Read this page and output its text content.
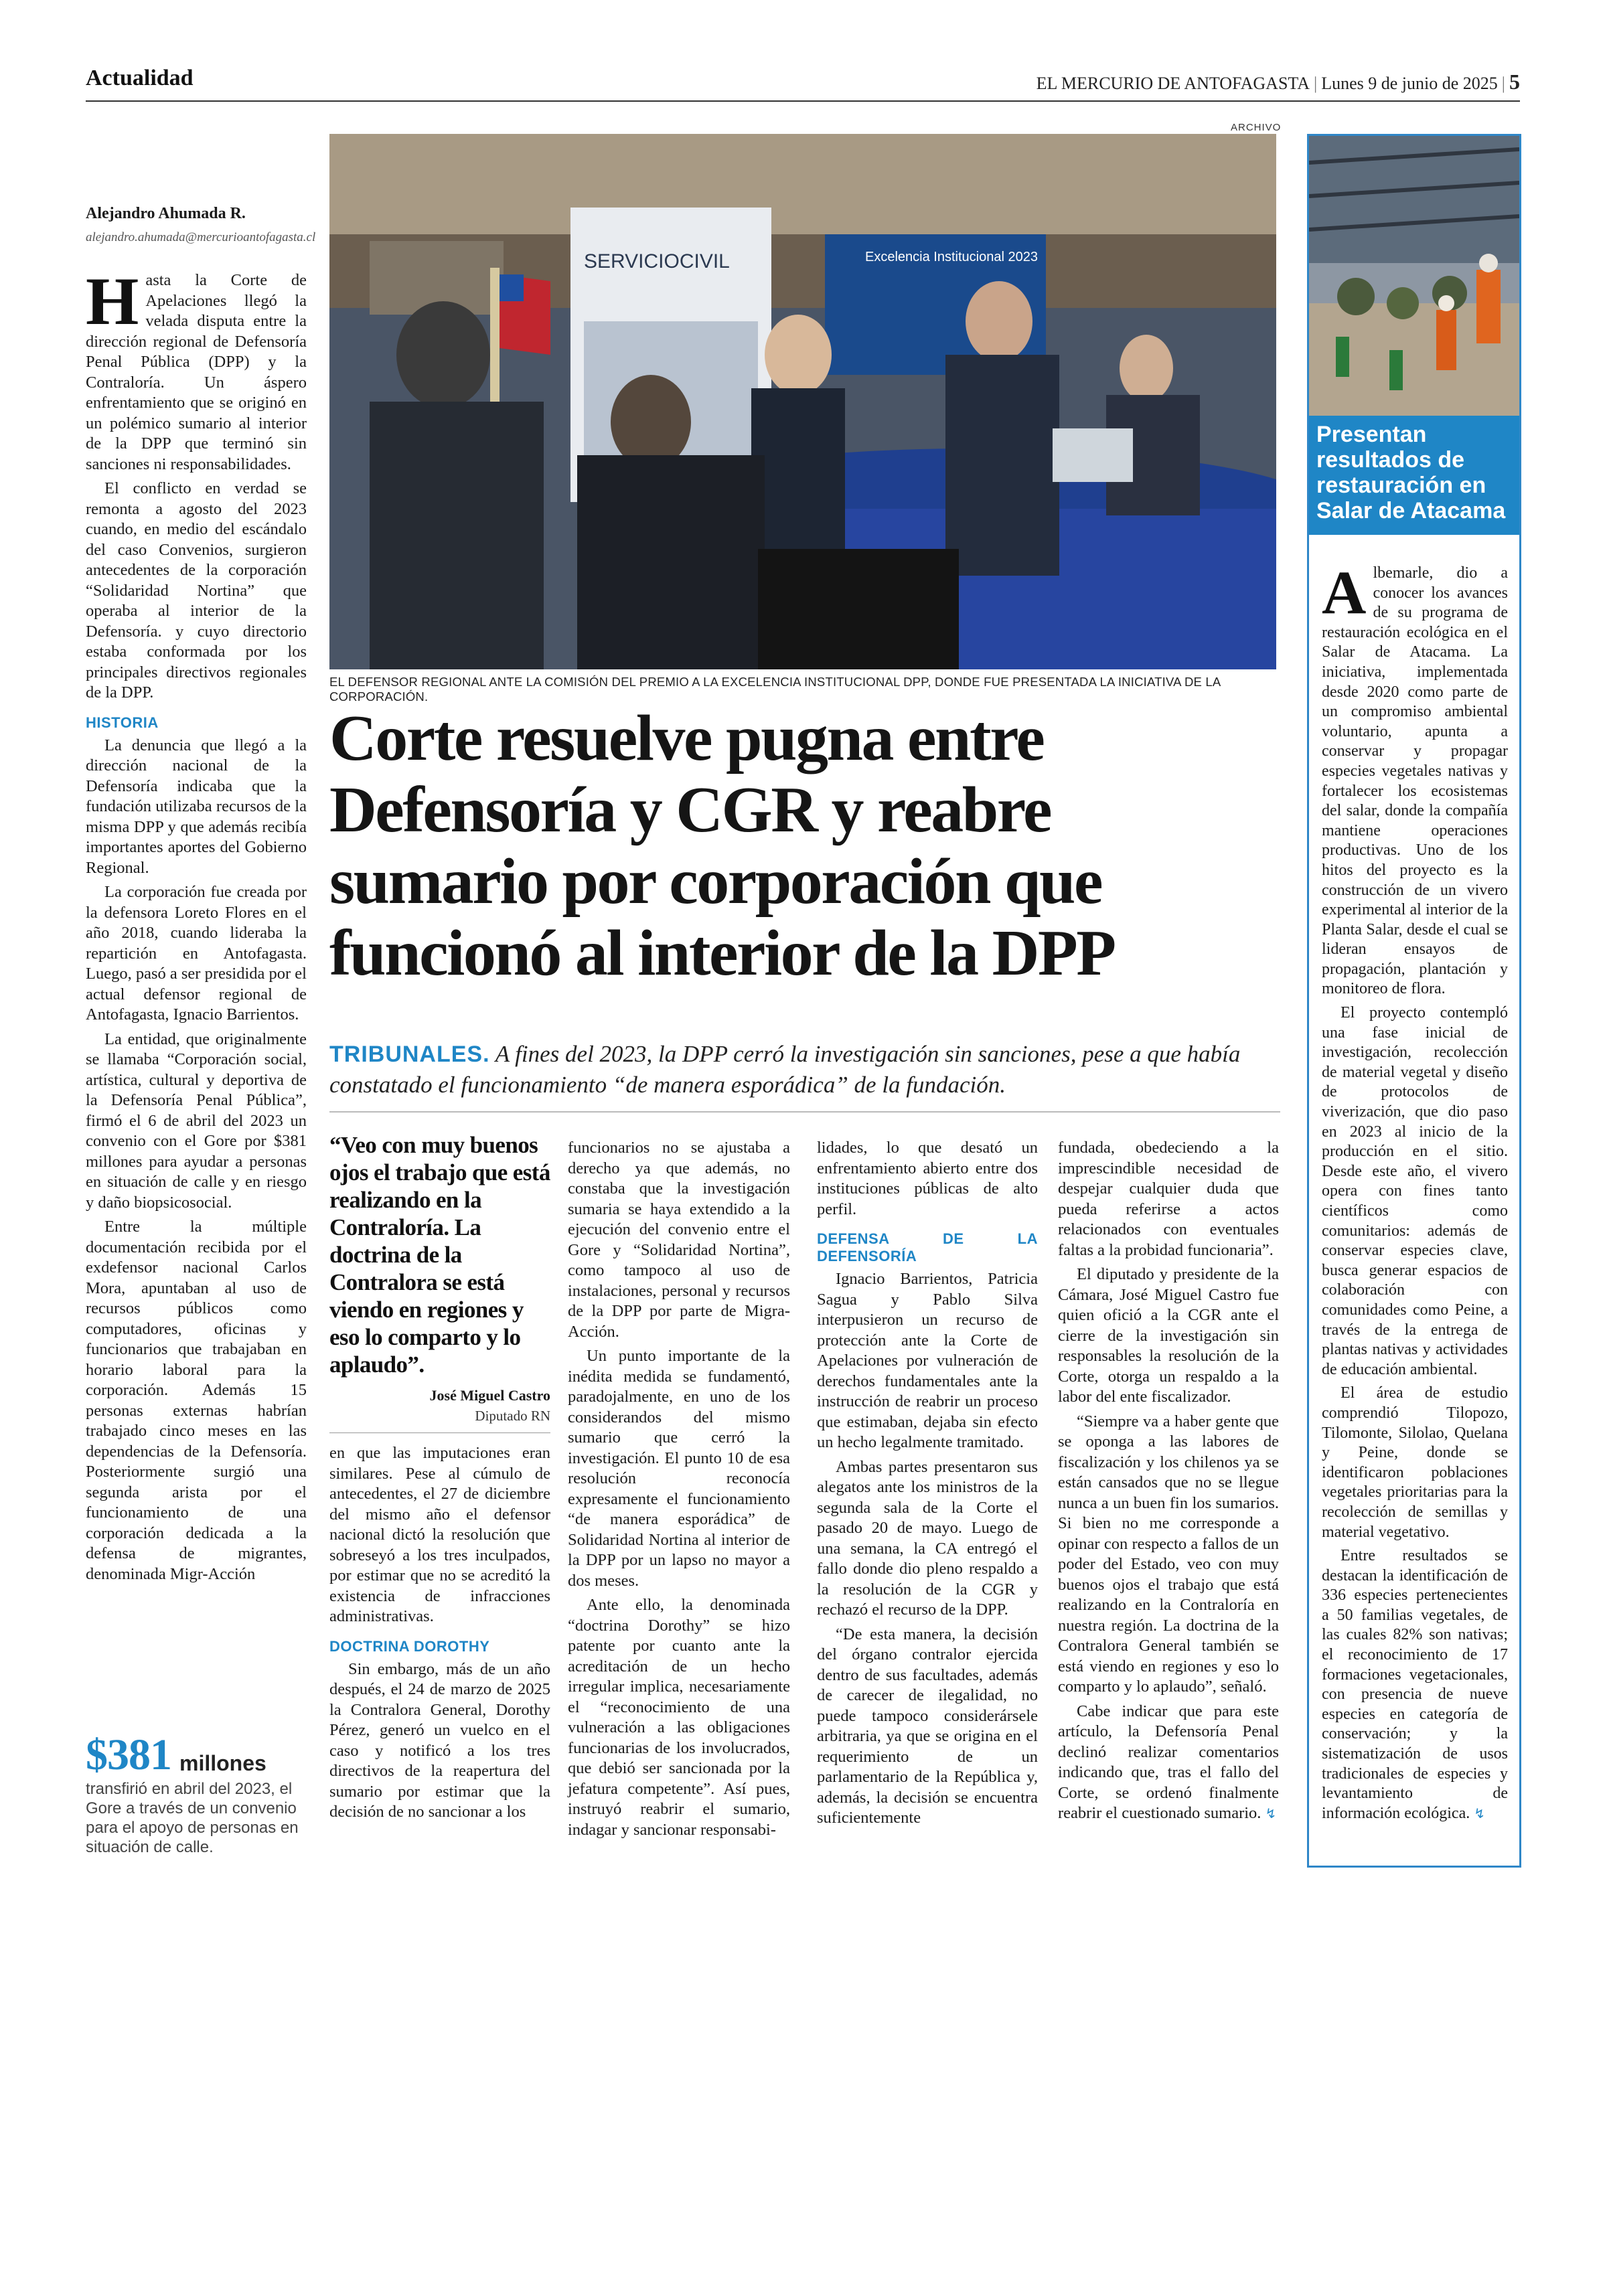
Actualidad	EL MERCURIO DE ANTOFAGASTA | Lunes 9 de junio de 2025 | 5
Alejandro Ahumada R.
alejandro.ahumada@mercurioantofagasta.cl

Hasta la Corte de Apelaciones llegó la velada disputa entre la dirección regional de Defensoría Penal Pública (DPP) y la Contraloría. Un áspero enfrentamiento que se originó en un polémico sumario al interior de la DPP que terminó sin sanciones ni responsabilidades.

El conflicto en verdad se remonta a agosto del 2023 cuando, en medio del escándalo del caso Convenios, surgieron antecedentes de la corporación “Solidaridad Nortina” que operaba al interior de la Defensoría. y cuyo directorio estaba conformada por los principales directivos regionales de la DPP.

HISTORIA

La denuncia que llegó a la dirección nacional de la Defensoría indicaba que la fundación utilizaba recursos de la misma DPP y que además recibía importantes aportes del Gobierno Regional.

La corporación fue creada por la defensora Loreto Flores en el año 2018, cuando lideraba la repartición en Antofagasta. Luego, pasó a ser presidida por el actual defensor regional de Antofagasta, Ignacio Barrientos.

La entidad, que originalmente se llamaba “Corporación social, artística, cultural y deportiva de la Defensoría Penal Pública”, firmó el 6 de abril del 2023 un convenio con el Gore por $381 millones para ayudar a personas en situación de calle y en riesgo y daño biopsicosocial.

Entre la múltiple documentación recibida por el exdefensor nacional Carlos Mora, apuntaban al uso de recursos públicos como computadores, oficinas y funcionarios que trabajaban en horario laboral para la corporación. Además 15 personas externas habrían trabajado cinco meses en las dependencias de la Defensoría. Posteriormente surgió una segunda arista por el funcionamiento de una corporación dedicada a la defensa de migrantes, denominada Migr-Acción

$381 millones
transfirió en abril del 2023, el Gore a través de un convenio para el apoyo de personas en situación de calle.
ARCHIVO
SERVICIOCIVIL	Excelencia Institucional 2023
EL DEFENSOR REGIONAL ANTE LA COMISIÓN DEL PREMIO A LA EXCELENCIA INSTITUCIONAL DPP, DONDE FUE PRESENTADA LA INICIATIVA DE LA CORPORACIÓN.
Corte resuelve pugna entre Defensoría y CGR y reabre sumario por corporación que funcionó al interior de la DPP
TRIBUNALES. A fines del 2023, la DPP cerró la investigación sin sanciones, pese a que había constatado el funcionamiento “de manera esporádica” de la fundación.
“Veo con muy buenos ojos el trabajo que está realizando en la Contraloría. La doctrina de la Contralora se está viendo en regiones y eso lo comparto y lo aplaudo”.
José Miguel Castro
Diputado RN

en que las imputaciones eran similares. Pese al cúmulo de antecedentes, el 27 de diciembre del mismo año el defensor nacional dictó la resolución que sobreseyó a los tres inculpados, por estimar que no se acreditó la existencia de infracciones administrativas.

DOCTRINA DOROTHY

Sin embargo, más de un año después, el 24 de marzo de 2025 la Contralora General, Dorothy Pérez, generó un vuelco en el caso y notificó a los tres directivos de la reapertura del sumario por estimar que la decisión de no sancionar a los

funcionarios no se ajustaba a derecho ya que además, no constaba que la investigación sumaria se haya extendido a la ejecución del convenio entre el Gore y “Solidaridad Nortina”, como tampoco al uso de instalaciones, personal y recursos de la DPP por parte de Migra-Acción.

Un punto importante de la inédita medida se fundamentó, paradojalmente, en uno de los considerandos del mismo sumario que cerró la investigación. El punto 10 de esa resolución reconocía expresamente el funcionamiento “de manera esporádica” de Solidaridad Nortina al interior de la DPP por un lapso no mayor a dos meses.

Ante ello, la denominada “doctrina Dorothy” se hizo patente por cuanto ante la acreditación de un hecho irregular implica, necesariamente el “reconocimiento de una vulneración a las obligaciones funcionarias de los involucrados, que debió ser sancionada por la jefatura competente”. Así pues, instruyó reabrir el sumario, indagar y sancionar responsabi-

lidades, lo que desató un enfrentamiento abierto entre dos instituciones públicas de alto perfil.

DEFENSA DE LA DEFENSORÍA

Ignacio Barrientos, Patricia Sagua y Pablo Silva interpusieron un recurso de protección ante la Corte de Apelaciones por vulneración de derechos fundamentales ante la instrucción de reabrir un proceso que estimaban, dejaba sin efecto un hecho legalmente tramitado.

Ambas partes presentaron sus alegatos ante los ministros de la segunda sala de la Corte el pasado 20 de mayo. Luego de una semana, la CA entregó el fallo donde dio pleno respaldo a la resolución de la CGR y rechazó el recurso de la DPP.

“De esta manera, la decisión del órgano contralor ejercida dentro de sus facultades, además de carecer de ilegalidad, no puede tampoco considerársele arbitraria, ya que se origina en el requerimiento de un parlamentario de la República y, además, la decisión se encuentra suficientemente

fundada, obedeciendo a la imprescindible necesidad de despejar cualquier duda que pueda referirse a actos relacionados con eventuales faltas a la probidad funcionaria”.

El diputado y presidente de la Cámara, José Miguel Castro fue quien ofició a la CGR ante el cierre de la investigación sin responsables la resolución de la Corte, otorga un respaldo a la labor del ente fiscalizador.

“Siempre va a haber gente que se oponga a las labores de fiscalización y los chilenos ya se están cansados que no se llegue nunca a un buen fin los sumarios. Si bien no me corresponde a opinar con respecto a fallos de un poder del Estado, veo con muy buenos ojos el trabajo que está realizando en la Contraloría en nuestra región. La doctrina de la Contralora General también se está viendo en regiones y eso lo comparto y lo aplaudo”, señaló.

Cabe indicar que para este artículo, la Defensoría Penal declinó realizar comentarios indicando que, tras el fallo del Corte, se ordenó finalmente reabrir el cuestionado sumario. ↯

Presentan resultados de restauración en Salar de Atacama

Albemarle, dio a conocer los avances de su programa de restauración ecológica en el Salar de Atacama. La iniciativa, implementada desde 2020 como parte de un compromiso ambiental voluntario, apunta a conservar y propagar especies vegetales nativas y fortalecer los ecosistemas del salar, donde la compañía mantiene operaciones productivas. Uno de los hitos del proyecto es la construcción de un vivero experimental al interior de la Planta Salar, desde el cual se lideran ensayos de propagación, plantación y monitoreo de flora.

El proyecto contempló una fase inicial de investigación, recolección de material vegetal y diseño de protocolos de viverización, que dio paso en 2023 al inicio de la producción en el sitio. Desde este año, el vivero opera con fines tanto científicos como comunitarios: además de conservar especies clave, busca generar espacios de colaboración con comunidades como Peine, a través de la entrega de plantas nativas y actividades de educación ambiental.

El área de estudio comprendió Tilopozo, Tilomonte, Silolao, Quelana y Peine, donde se identificaron poblaciones vegetales prioritarias para la recolección de semillas y material vegetativo.

Entre resultados se destacan la identificación de 336 especies pertenecientes a 50 familias vegetales, de las cuales 82% son nativas; el reconocimiento de 17 formaciones vegetacionales, con presencia de nueve especies en categoría de conservación; y la sistematización de usos tradicionales de especies y levantamiento de información ecológica. ↯
